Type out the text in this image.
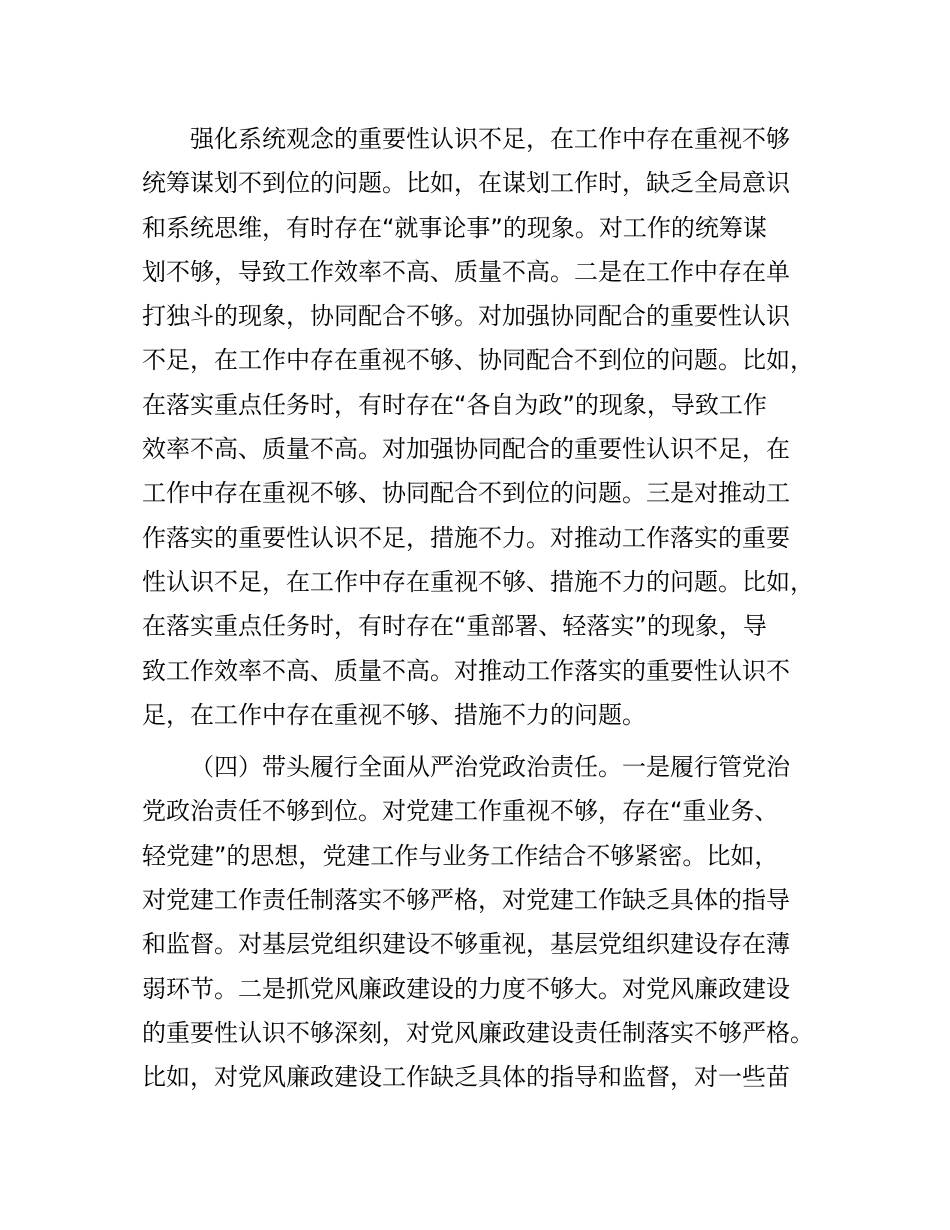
强化系统观念的重要性认识不足，在工作中存在重视不够
统筹谋划不到位的问题。比如，在谋划工作时，缺乏全局意识
和系统思维，有时存在“就事论事”的现象。对工作的统筹谋
划不够，导致工作效率不高、质量不高。二是在工作中存在单
打独斗的现象，协同配合不够。对加强协同配合的重要性认识
不足，在工作中存在重视不够、协同配合不到位的问题。比如，
在落实重点任务时，有时存在“各自为政”的现象，导致工作
效率不高、质量不高。对加强协同配合的重要性认识不足，在
工作中存在重视不够、协同配合不到位的问题。三是对推动工
作落实的重要性认识不足，措施不力。对推动工作落实的重要
性认识不足，在工作中存在重视不够、措施不力的问题。比如，
在落实重点任务时，有时存在“重部署、轻落实”的现象，导
致工作效率不高、质量不高。对推动工作落实的重要性认识不
足，在工作中存在重视不够、措施不力的问题。
（四）带头履行全面从严治党政治责任。一是履行管党治
党政治责任不够到位。对党建工作重视不够，存在“重业务、
轻党建”的思想，党建工作与业务工作结合不够紧密。比如，
对党建工作责任制落实不够严格，对党建工作缺乏具体的指导
和监督。对基层党组织建设不够重视，基层党组织建设存在薄
弱环节。二是抓党风廉政建设的力度不够大。对党风廉政建设
的重要性认识不够深刻，对党风廉政建设责任制落实不够严格。
比如，对党风廉政建设工作缺乏具体的指导和监督，对一些苗
